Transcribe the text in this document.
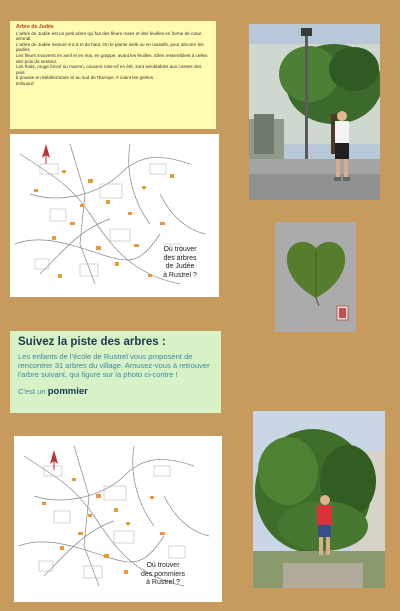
Arbre de Judée

L'arbre de Judée est un petit arbre qui fait des fleurs roses et des feuilles en forme de cœur arrondi.

L'arbre de Judée mesure 6 à 8 m de haut. On le plante isolé ou en massifs, pour décorer les jardins.

Les fleurs s'ouvrent en avril et en mai, en grappe, avant les feuilles. Elles ressemblent à celles des pois de senteur.

Les fruits, rouge foncé ou marron, couvent rose-vif en été, sont semblables aux cosses des pois.

Il pousse en Méditerranée et au sud de l'Europe. Il craint les gelées.

Edouard
Où trouver
des arbres
de Judée
à Rustrel ?

Suivez la piste des arbres :

Les enfants de l'école de Rustrel vous proposent de rencontrer 31 arbres du village. Amusez-vous à retrouver l'arbre suivant, qui figure sur la photo ci-contre !

C'est un pommier
Où trouver
des pommiers
à Rustrel ?
